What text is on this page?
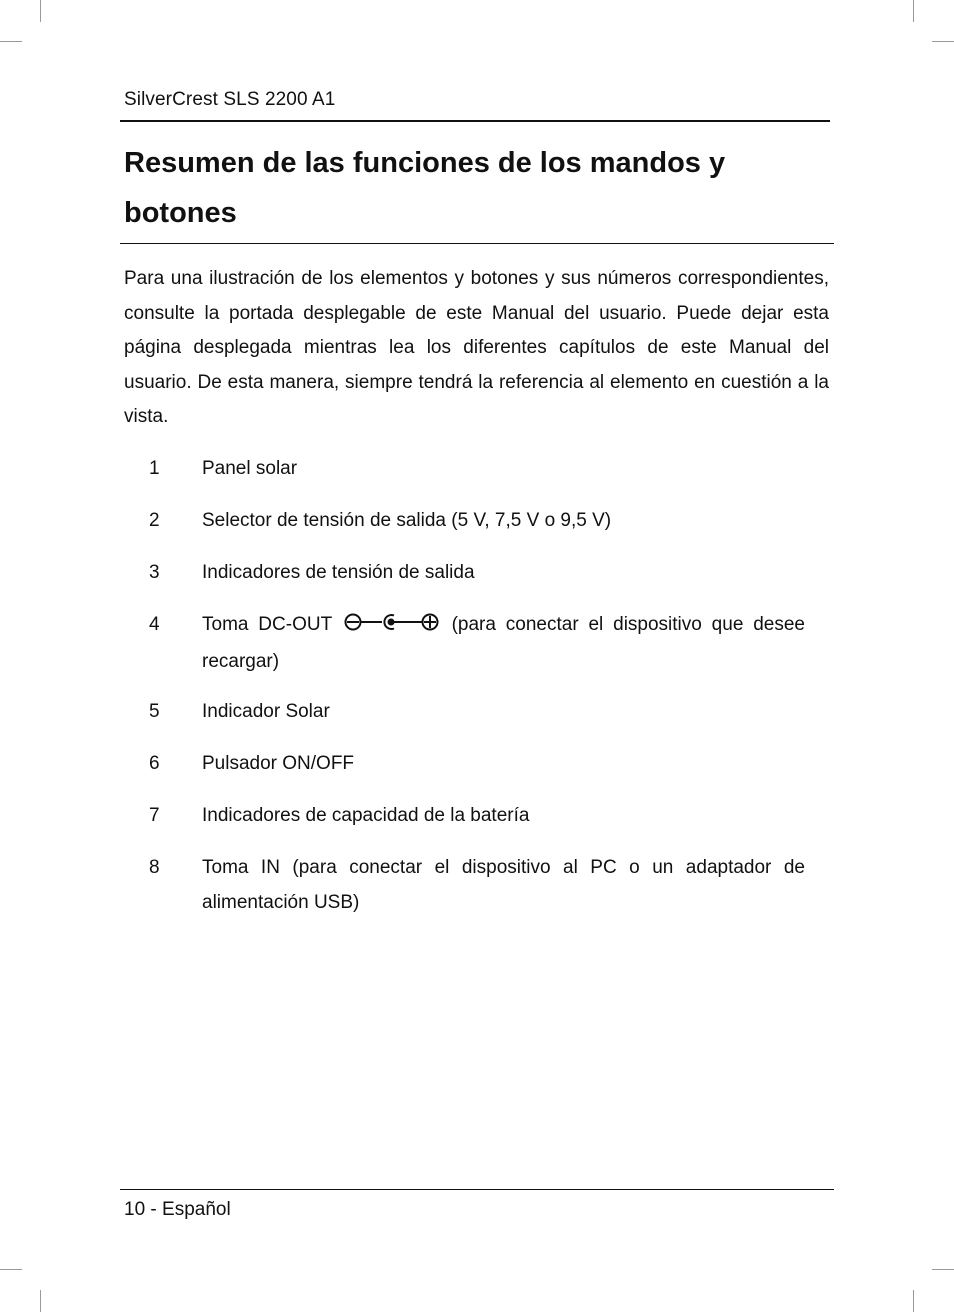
SilverCrest SLS 2200 A1
Resumen de las funciones de los mandos y botones

Para una ilustración de los elementos y botones y sus números correspondientes, consulte la portada desplegable de este Manual del usuario. Puede dejar esta página desplegada mientras lea los diferentes capítulos de este Manual del usuario. De esta manera, siempre tendrá la referencia al elemento en cuestión a la vista.

1 Panel solar
2 Selector de tensión de salida (5 V, 7,5 V o 9,5 V)
3 Indicadores de tensión de salida
4 Toma DC-OUT	(para conectar el dispositivo que desee recargar)
5 Indicador Solar
6 Pulsador ON/OFF
7 Indicadores de capacidad de la batería
8 Toma IN (para conectar el dispositivo al PC o un adaptador de alimentación USB)
10 - Español
